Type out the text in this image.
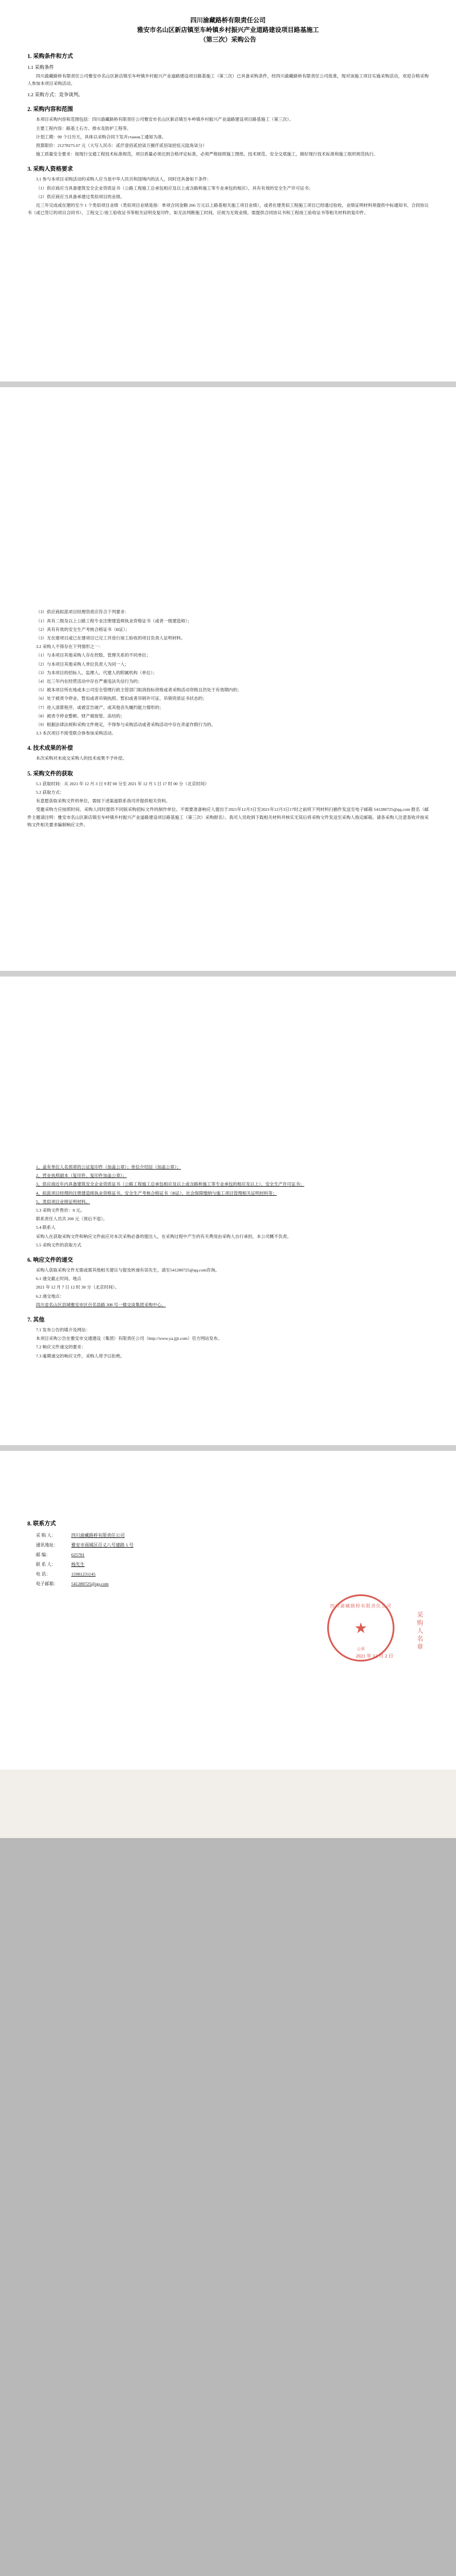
四川渝藏路桥有限责任公司
雅安市名山区新店镇至车岭镇乡村振兴产业道路建设项目路基施工
（第三次）采购公告
1. 采购条件和方式
1.1 采购条件

四川渝藏路桥有限责任公司雅安市名山区新店镇至车岭镇乡村振兴产业道路建设项目路基施工（第三次）已具备采购条件，经四川渝藏路桥有限责任公司批准，现对该施工项目实施采购活动，欢迎合格采购人参加本项目采购活动。

1.2 采购方式：竞争谈判。
2. 采购内容和范围

本项目采购内容和范围包括：四川渝藏路桥有限责任公司雅安市名山区新店镇至车岭镇乡村振兴产业道路建设项目路基施工（第三次）。

主要工程内容：路基土石方、排水及防护工程等。

计划工期：90 个日历天，具体以采购合同下发开станов工通知为准。

预算限价：21278275.67 元（大写人民币：贰仟壹佰贰拾柒万捌仟贰佰柒拾伍元陆角柒分）

施工质量安全要求：按现行交通工程技术标准规范，项目质量必须达到合格评定标准，必须严格按照施工图纸、技术规范、安全交底施工，做好现行技术标准和施工组织规范执行。

3. 采购人资格要求

3.1 参与本项目采购活动的采购人应当是中华人民共和国境内的法人，同时还具备如下条件：

（1）供应商应当具备建筑安全企业资质证书（公路工程施工总承包相应及以上或含路桥施工等专业承包的相应），具有有效的安全生产许可证书；

（2）供应商应当具备承建过类似项目的业绩。

近三年完成或在建的至少 1 个类似项目业绩（类似项目业绩是指：单项合同金额 266 万元以上路基相关施工项目业绩），或者在建类似工程施工项目已经通过验收，业绩证明材料须提供中标通知书、合同协议书（或已签订的项目合同书）、工程交工/竣工验收证书等相关证明及复印件，如无法判断施工时间，应视为无效业绩。需提供合同协议书和工程竣工验收证书等相关材料的复印件。

（3）供应商拟派项目经理资质应符合下列要求：

（1）具有二级及以上公路工程专业注册建造师执业资格证书（或者一级建造师）；

（2）具有有效的安全生产考核合格证书（B证）；

（3）无在建项目或已在建项目已完工并进行竣工验收的项目负责人证明材料。

3.2 采购人不得存在下列情形之一：

（1）与本项目其他采购人存在控股、管理关系的不同单位；

（2）与本项目其他采购人单位负责人为同一人；

（3）为本项目的招标人、监理人、代建人的附属机构（单位）；

（4）近三年内在经营活动中存在严重违法失信行为的；

（5）被本项目所在地或本公司安全管理行政主管部门取消投标资格或者采购活动资格且仍处于有效期内的；

（6）处于被责令停业、暂扣或者吊销执照、暂扣或者吊销许可证、吊销资质证书状态的；

（7）进入清算程序、或被宣告破产、或其他丧失履约能力情形的；

（8）被责令停业整顿、财产被接管、冻结的；

（9）根据法律法规和采购文件规定，不得参与采购活动或者采购活动中存在弄虚作假行为的。

3.3 本次项目不接受联合体参加采购活动。

4. 技术成果的补偿

本次采购对未成交采购人的技术成果不予补偿。

5. 采购文件的获取

5.1 获取时间：从 2021 年 12 月 3 日 9 时 00 分至 2021 年 12 月 5 日 17 时 00 分（北京时间）

5.2 获取方式：

有意愿获取采购文件的单位，需按下述渠道联系我司并提供相关资料。

受邀采购方应按照时间、采购人同时提供不同版采购招标文件的制作单位。不需要准备响应人提出于2021年12月3日至2021年12月3日17时之前将下列材料扫描件发送至电子邮箱 541280725@qq.com 报名（邮件主题请注明：雅安市名山区新店镇至车岭镇乡村振兴产业道路建设项目路基施工（第三次）采购报名）。我司人员收到下载相关材料并核实无误后将采购文件发送至采购人指定邮箱。请各采购人注意查收并按采购文件相关要求编制响应文件。

1、盖有单位人名预章的公证复印件（加盖公章）；单位介绍信（加盖公章）；

2、营业执照副本（复印件、复印件加盖公章）；

3、供应商近年内具备建筑安全企业资质证书（公路工程施工总承包相应及以上或含路桥施工等专业承包的相应及以上）、安全生产许可证书；

4、拟派项目经理的注册建造师执业资格证书、安全生产考核合格证书（B证）、社会保障缴纳与施工项目管理相关证明材料等；

5、类似项目业绩证明材料。

5.3 采购文件售价：0 元。

联系责任人员共 200 元（预后不退）。

5.4 联系人

采购人在获取采购文件和响应文件前应对本次采购必备的提出人，在采购过程中产生的有关费用由采购人自行承担，本公司概不负责。

5.5 采购文件的获取方式

6. 响应文件的递交

采购人获取采购文件无需或需其他相关建议与提及转递有误先生，请至541280725@qq.com咨询。

6.1 递交截止时间、地点

2021 年 12 月 7 日 12 时 30 分（北京时间）。

6.2 递交地点：

四川省名山区县城雅安市区百名县路 308 号一楼交谈集团采购中心。

7. 其他

7.1 发布公告的媒介及网站：

本项目采购公告在雅安市交通建设（集团）有限责任公司（http://www.ya.jjjt.com）官方网站发布。

7.2 响应文件递交的要求：

7.3 逾期递交的响应文件，采购人将予以拒绝。

8. 联系方式
采 购 人：	四川渝藏路桥有限责任公司
通讯地址：	雅安市雨城区百丈八号建路 5 号
邮 编：	625701
联 系 人：	杨先生
电 话：	15981231145
电子邮箱：	541280725@qq.com
四川渝藏路桥有限责任公司
★
公章
2021 年 12 月 2 日
采购人名章
